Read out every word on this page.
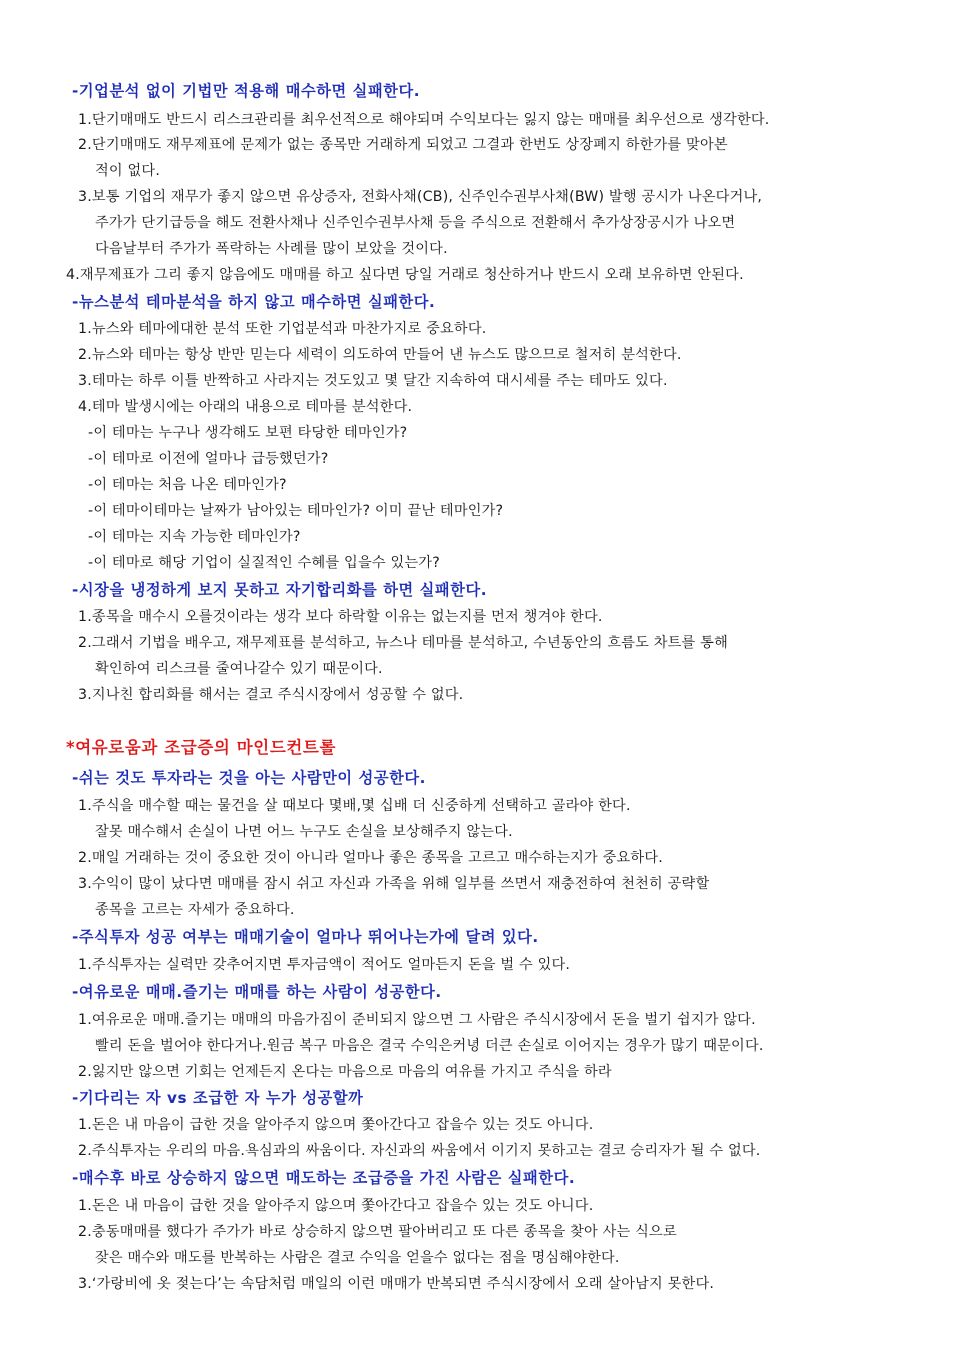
-기업분석 없이 기법만 적용해 매수하면 실패한다.
1.단기매매도 반드시 리스크관리를 최우선적으로 해야되며 수익보다는 잃지 않는 매매를 최우선으로 생각한다.
2.단기매매도 재무제표에 문제가 없는 종목만 거래하게 되었고 그결과 한번도 상장폐지 하한가를 맞아본
적이 없다.
3.보통 기업의 재무가 좋지 않으면 유상증자, 전화사채(CB), 신주인수권부사채(BW) 발행 공시가 나온다거나,
주가가 단기급등을 해도 전환사채나 신주인수권부사채 등을 주식으로 전환해서 추가상장공시가 나오면
다음날부터 주가가 폭락하는 사례를 많이 보았을 것이다.
4.재무제표가 그리 좋지 않음에도 매매를 하고 싶다면 당일 거래로 청산하거나 반드시 오래 보유하면 안된다.
-뉴스분석 테마분석을 하지 않고 매수하면 실패한다.
1.뉴스와 테마에대한 분석 또한 기업분석과 마찬가지로 중요하다.
2.뉴스와 테마는 항상 반만 믿는다 세력이 의도하여 만들어 낸 뉴스도 많으므로 철저히 분석한다.
3.테마는 하루 이틀 반짝하고 사라지는 것도있고 몇 달간 지속하여 대시세를 주는 테마도 있다.
4.테마 발생시에는 아래의 내용으로 테마를 분석한다.
-이 테마는 누구나 생각해도 보편 타당한 테마인가?
-이 테마로 이전에 얼마나 급등했던가?
-이 테마는 처음 나온 테마인가?
-이 테마이테마는 날짜가 남아있는 테마인가? 이미 끝난 테마인가?
-이 테마는 지속 가능한 테마인가?
-이 테마로 해당 기업이 실질적인 수혜를 입을수 있는가?
-시장을 냉정하게 보지 못하고 자기합리화를 하면 실패한다.
1.종목을 매수시 오를것이라는 생각 보다 하락할 이유는 없는지를 먼저 챙겨야 한다.
2.그래서 기법을 배우고, 재무제표를 분석하고, 뉴스나 테마를 분석하고, 수년동안의 흐름도 차트를 통해
확인하여 리스크를 줄여나갈수 있기 때문이다.
3.지나친 합리화를 해서는 결코 주식시장에서 성공할 수 없다.
*여유로움과 조급증의 마인드컨트롤
-쉬는 것도 투자라는 것을 아는 사람만이 성공한다.
1.주식을 매수할 때는 물건을 살 때보다 몇배,몇 십배 더 신중하게 선택하고 골라야 한다.
잘못 매수해서 손실이 나면 어느 누구도 손실을 보상해주지 않는다.
2.매일 거래하는 것이 중요한 것이 아니라 얼마나 좋은 종목을 고르고 매수하는지가 중요하다.
3.수익이 많이 났다면 매매를 잠시 쉬고 자신과 가족을 위해 일부를 쓰면서 재충전하여 천천히 공략할
종목을 고르는 자세가 중요하다.
-주식투자 성공 여부는 매매기술이 얼마나 뛰어나는가에 달려 있다.
1.주식투자는 실력만 갖추어지면 투자금액이 적어도 얼마든지 돈을 벌 수 있다.
-여유로운 매매.즐기는 매매를 하는 사람이 성공한다.
1.여유로운 매매.즐기는 매매의 마음가짐이 준비되지 않으면 그 사람은 주식시장에서 돈을 벌기 쉽지가 않다.
빨리 돈을 벌어야 한다거나.원금 복구 마음은 결국 수익은커녕 더큰 손실로 이어지는 경우가 많기 때문이다.
2.잃지만 않으면 기회는 언제든지 온다는 마음으로 마음의 여유를 가지고 주식을 하라
-기다리는 자 vs 조급한 자 누가 성공할까
1.돈은 내 마음이 급한 것을 알아주지 않으며 쫓아간다고 잡을수 있는 것도 아니다.
2.주식투자는 우리의 마음.욕심과의 싸움이다. 자신과의 싸움에서 이기지 못하고는 결코 승리자가 될 수 없다.
-매수후 바로 상승하지 않으면 매도하는 조급증을 가진 사람은 실패한다.
1.돈은 내 마음이 급한 것을 알아주지 않으며 쫓아간다고 잡을수 있는 것도 아니다.
2.충동매매를 했다가 주가가 바로 상승하지 않으면 팔아버리고 또 다른 종목을 찾아 사는 식으로
잦은 매수와 매도를 반복하는 사람은 결코 수익을 얻을수 없다는 점을 명심해야한다.
3.‘가랑비에 옷 젖는다’는 속담처럼 매일의 이런 매매가 반복되면 주식시장에서 오래 살아남지 못한다.
